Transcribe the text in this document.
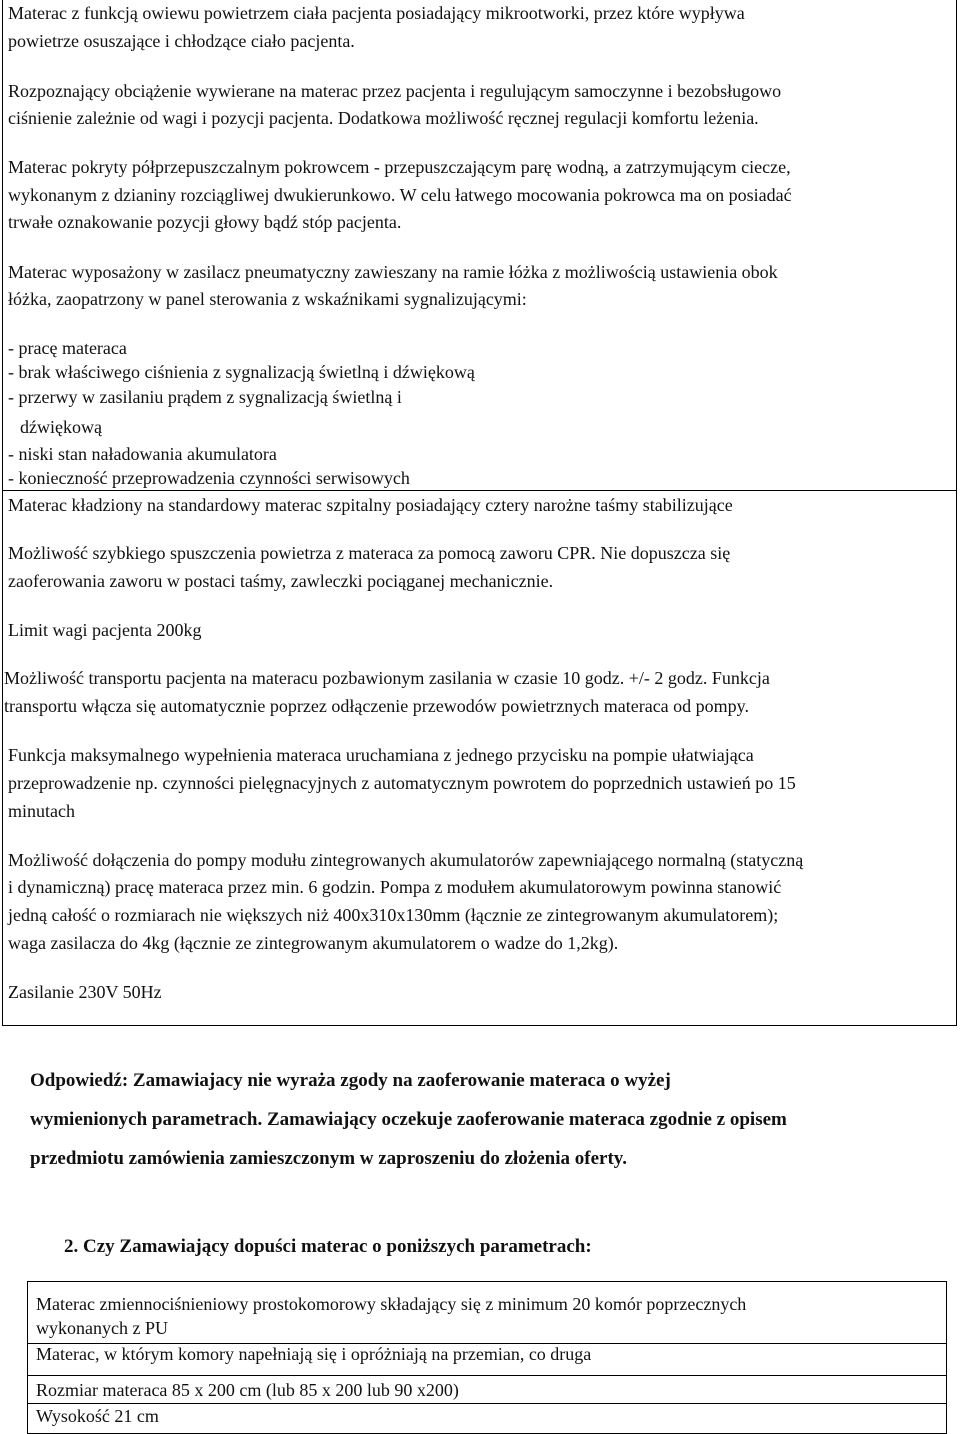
Materac z funkcją owiewu powietrzem ciała pacjenta posiadający mikrootworki, przez które wypływa
powietrze osuszające i chłodzące ciało pacjenta.
Rozpoznający obciążenie wywierane na materac przez pacjenta i regulującym samoczynne i bezobsługowo
ciśnienie zależnie od wagi i pozycji pacjenta. Dodatkowa możliwość ręcznej regulacji komfortu leżenia.
Materac pokryty półprzepuszczalnym pokrowcem - przepuszczającym parę wodną, a zatrzymującym ciecze,
wykonanym z dzianiny rozciągliwej dwukierunkowo. W celu łatwego mocowania pokrowca ma on posiadać
trwałe oznakowanie pozycji głowy bądź stóp pacjenta.
Materac wyposażony w zasilacz pneumatyczny zawieszany na ramie łóżka z możliwością ustawienia obok
łóżka, zaopatrzony w panel sterowania z wskaźnikami sygnalizującymi:
- pracę materaca
- brak właściwego ciśnienia z sygnalizacją świetlną i dźwiękową
- przerwy w zasilaniu prądem z sygnalizacją świetlną i
dźwiękową
- niski stan naładowania akumulatora
- konieczność przeprowadzenia czynności serwisowych
Materac kładziony na standardowy materac szpitalny posiadający cztery narożne taśmy stabilizujące
Możliwość szybkiego spuszczenia powietrza z materaca za pomocą zaworu CPR. Nie dopuszcza się
zaoferowania zaworu w postaci taśmy, zawleczki pociąganej mechanicznie.
Limit wagi pacjenta 200kg
Możliwość transportu pacjenta na materacu pozbawionym zasilania w czasie 10 godz. +/- 2 godz. Funkcja
transportu włącza się automatycznie poprzez odłączenie przewodów powietrznych materaca od pompy.
Funkcja maksymalnego wypełnienia materaca uruchamiana z jednego przycisku na pompie ułatwiająca
przeprowadzenie np. czynności pielęgnacyjnych z automatycznym powrotem do poprzednich ustawień po 15
minutach
Możliwość dołączenia do pompy modułu zintegrowanych akumulatorów zapewniającego normalną (statyczną
i dynamiczną) pracę materaca przez min. 6 godzin. Pompa z modułem akumulatorowym powinna stanowić
jedną całość o rozmiarach nie większych niż 400x310x130mm (łącznie ze zintegrowanym akumulatorem);
waga zasilacza do 4kg (łącznie ze zintegrowanym akumulatorem o wadze do 1,2kg).
Zasilanie 230V 50Hz
Odpowiedź: Zamawiajacy nie wyraża zgody na zaoferowanie materaca o wyżej
wymienionych parametrach. Zamawiający oczekuje zaoferowanie materaca zgodnie z opisem
przedmiotu zamówienia zamieszczonym w zaproszeniu do złożenia oferty.
2. Czy Zamawiający dopuści materac o poniższych parametrach:
Materac zmiennociśnieniowy prostokomorowy składający się z minimum 20 komór poprzecznych
wykonanych z PU
Materac, w którym komory napełniają się i opróżniają na przemian, co druga
Rozmiar materaca 85 x 200 cm (lub 85 x 200 lub 90 x200)
Wysokość 21 cm
